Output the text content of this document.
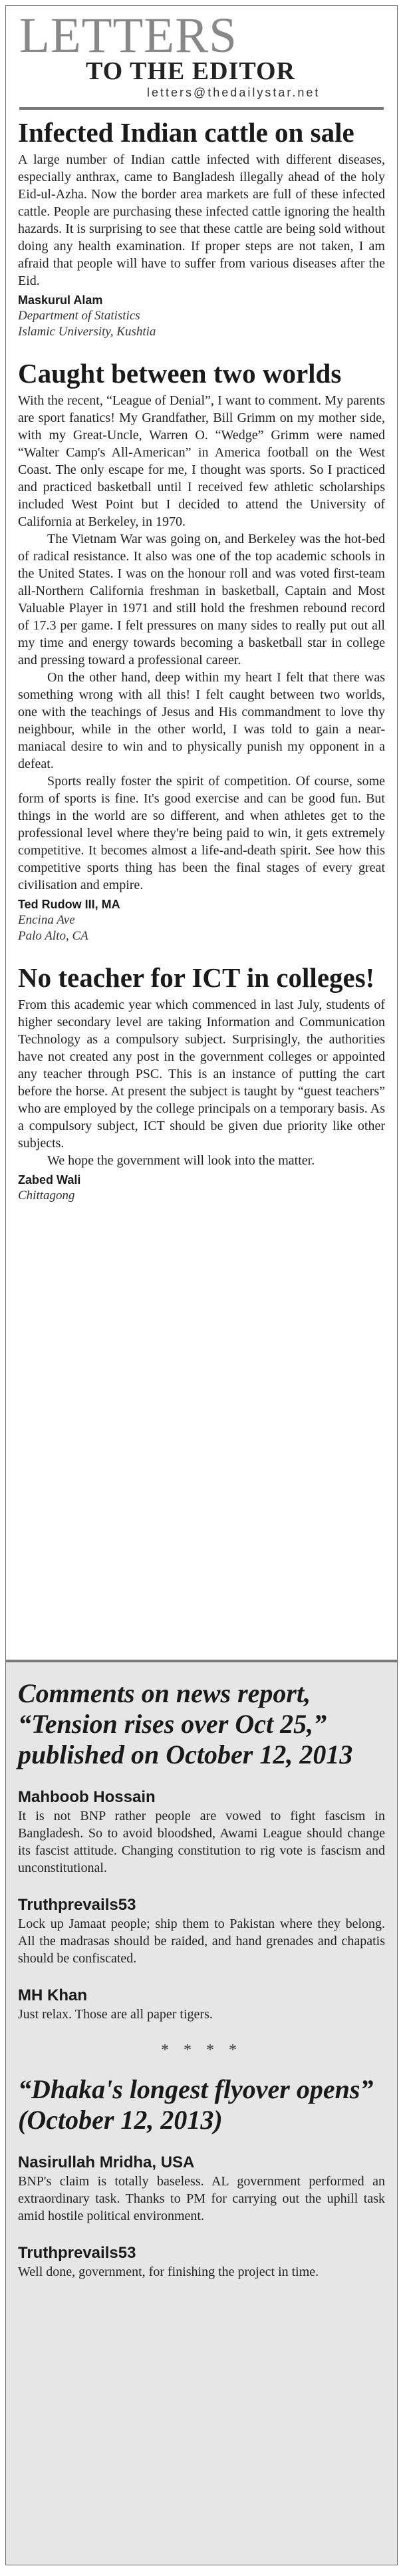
LETTERS
TO THE EDITOR
letters@thedailystar.net
Infected Indian cattle on sale

A large number of Indian cattle infected with different diseases, especially anthrax, came to Bangladesh illegally ahead of the holy Eid-ul-Azha. Now the border area markets are full of these infected cattle. People are purchasing these infected cattle ignoring the health hazards. It is surprising to see that these cattle are being sold without doing any health examination. If proper steps are not taken, I am afraid that people will have to suffer from various diseases after the Eid.

Maskurul Alam
Department of Statistics
Islamic University, Kushtia
Caught between two worlds

With the recent, “League of Denial”, I want to comment. My parents are sport fanatics! My Grandfather, Bill Grimm on my mother side, with my Great-Uncle, Warren O. “Wedge” Grimm were named “Walter Camp's All-American” in America football on the West Coast. The only escape for me, I thought was sports. So I practiced and practiced basketball until I received few athletic scholarships included West Point but I decided to attend the University of California at Berkeley, in 1970.

The Vietnam War was going on, and Berkeley was the hot-bed of radical resistance. It also was one of the top academic schools in the United States. I was on the honour roll and was voted first-team all-Northern California freshman in basketball, Captain and Most Valuable Player in 1971 and still hold the freshmen rebound record of 17.3 per game. I felt pressures on many sides to really put out all my time and energy towards becoming a basketball star in college and pressing toward a professional career.

On the other hand, deep within my heart I felt that there was something wrong with all this! I felt caught between two worlds, one with the teachings of Jesus and His commandment to love thy neighbour, while in the other world, I was told to gain a near-maniacal desire to win and to physically punish my opponent in a defeat.

Sports really foster the spirit of competition. Of course, some form of sports is fine. It's good exercise and can be good fun. But things in the world are so different, and when athletes get to the professional level where they're being paid to win, it gets extremely competitive. It becomes almost a life-and-death spirit. See how this competitive sports thing has been the final stages of every great civilisation and empire.

Ted Rudow III, MA
Encina Ave
Palo Alto, CA
No teacher for ICT in colleges!

From this academic year which commenced in last July, students of higher secondary level are taking Information and Communication Technology as a compulsory subject. Surprisingly, the authorities have not created any post in the government colleges or appointed any teacher through PSC. This is an instance of putting the cart before the horse. At present the subject is taught by “guest teachers” who are employed by the college principals on a temporary basis. As a compulsory subject, ICT should be given due priority like other subjects.

We hope the government will look into the matter.

Zabed Wali
Chittagong
Comments on news report, “Tension rises over Oct 25,” published on October 12, 2013
Mahboob Hossain
It is not BNP rather people are vowed to fight fascism in Bangladesh. So to avoid bloodshed, Awami League should change its fascist attitude. Changing constitution to rig vote is fascism and unconstitutional.
Truthprevails53
Lock up Jamaat people; ship them to Pakistan where they belong. All the madrasas should be raided, and hand grenades and chapatis should be confiscated.
MH Khan
Just relax. Those are all paper tigers.
* * * *
“Dhaka's longest flyover opens” (October 12, 2013)
Nasirullah Mridha, USA
BNP's claim is totally baseless. AL government performed an extraordinary task. Thanks to PM for carrying out the uphill task amid hostile political environment.
Truthprevails53
Well done, government, for finishing the project in time.
